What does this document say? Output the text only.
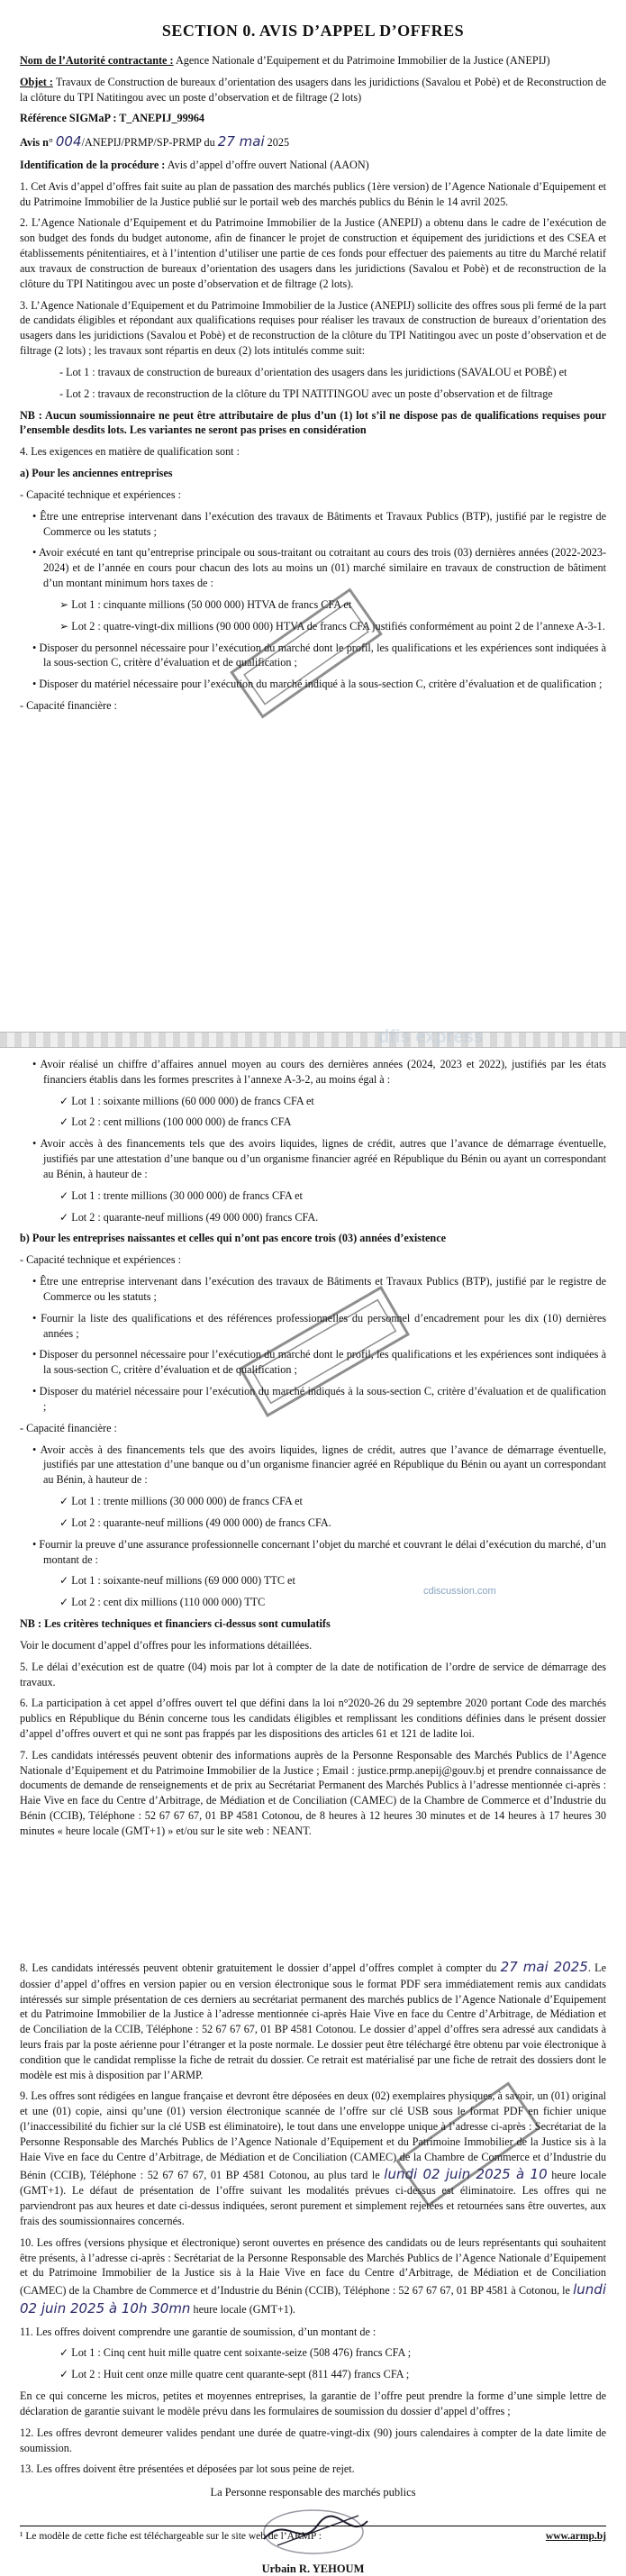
SECTION 0. AVIS D’APPEL D’OFFRES

Nom de l’Autorité contractante : Agence Nationale d’Equipement et du Patrimoine Immobilier de la Justice (ANEPIJ)

Objet : Travaux de Construction de bureaux d’orientation des usagers dans les juridictions (Savalou et Pobè) et de Reconstruction de la clôture du TPI Natitingou avec un poste d’observation et de filtrage (2 lots)

Référence SIGMaP : T_ANEPIJ_99964

Avis n° 004/ANEPIJ/PRMP/SP-PRMP du 27 mai 2025

Identification de la procédure : Avis d’appel d’offre ouvert National (AAON)

1. Cet Avis d’appel d’offres fait suite au plan de passation des marchés publics (1ère version) de l’Agence Nationale d’Equipement et du Patrimoine Immobilier de la Justice publié sur le portail web des marchés publics du Bénin le 14 avril 2025.

2. L’Agence Nationale d’Equipement et du Patrimoine Immobilier de la Justice (ANEPIJ) a obtenu dans le cadre de l’exécution de son budget des fonds du budget autonome, afin de financer le projet de construction et équipement des juridictions et des CSEA et établissements pénitentiaires, et à l’intention d’utiliser une partie de ces fonds pour effectuer des paiements au titre du Marché relatif aux travaux de construction de bureaux d’orientation des usagers dans les juridictions (Savalou et Pobè) et de reconstruction de la clôture du TPI Natitingou avec un poste d’observation et de filtrage (2 lots).

3. L’Agence Nationale d’Equipement et du Patrimoine Immobilier de la Justice (ANEPIJ) sollicite des offres sous pli fermé de la part de candidats éligibles et répondant aux qualifications requises pour réaliser les travaux de construction de bureaux d’orientation des usagers dans les juridictions (Savalou et Pobè) et de reconstruction de la clôture du TPI Natitingou avec un poste d’observation et de filtrage (2 lots) ; les travaux sont répartis en deux (2) lots intitulés comme suit:

- Lot 1 : travaux de construction de bureaux d’orientation des usagers dans les juridictions (SAVALOU et POBÈ) et

- Lot 2 : travaux de reconstruction de la clôture du TPI NATITINGOU avec un poste d’observation et de filtrage

NB : Aucun soumissionnaire ne peut être attributaire de plus d’un (1) lot s’il ne dispose pas de qualifications requises pour l’ensemble desdits lots. Les variantes ne seront pas prises en considération

4. Les exigences en matière de qualification sont :

a) Pour les anciennes entreprises

- Capacité technique et expériences :

• Être une entreprise intervenant dans l’exécution des travaux de Bâtiments et Travaux Publics (BTP), justifié par le registre de Commerce ou les statuts ;

• Avoir exécuté en tant qu’entreprise principale ou sous-traitant ou cotraitant au cours des trois (03) dernières années (2022-2023-2024) et de l’année en cours pour chacun des lots au moins un (01) marché similaire en travaux de construction de bâtiment d’un montant minimum hors taxes de :

➢ Lot 1 : cinquante millions (50 000 000) HTVA de francs CFA et

➢ Lot 2 : quatre-vingt-dix millions (90 000 000) HTVA de francs CFA justifiés conformément au point 2 de l’annexe A-3-1.

• Disposer du personnel nécessaire pour l’exécution du marché dont le profil, les qualifications et les expériences sont indiquées à la sous-section C, critère d’évaluation et de qualification ;

• Disposer du matériel nécessaire pour l’exécution du marché indiqué à la sous-section C, critère d’évaluation et de qualification ;

- Capacité financière :

• Avoir réalisé un chiffre d’affaires annuel moyen au cours des dernières années (2024, 2023 et 2022), justifiés par les états financiers établis dans les formes prescrites à l’annexe A-3-2, au moins égal à :

✓ Lot 1 : soixante millions (60 000 000) de francs CFA et

✓ Lot 2 : cent millions (100 000 000) de francs CFA

• Avoir accès à des financements tels que des avoirs liquides, lignes de crédit, autres que l’avance de démarrage éventuelle, justifiés par une attestation d’une banque ou d’un organisme financier agréé en République du Bénin ou ayant un correspondant au Bénin, à hauteur de :

✓ Lot 1 : trente millions (30 000 000) de francs CFA et

✓ Lot 2 : quarante-neuf millions (49 000 000) francs CFA.

b) Pour les entreprises naissantes et celles qui n’ont pas encore trois (03) années d’existence

- Capacité technique et expériences :

• Être une entreprise intervenant dans l’exécution des travaux de Bâtiments et Travaux Publics (BTP), justifié par le registre de Commerce ou les statuts ;

• Fournir la liste des qualifications et des références professionnelles du personnel d’encadrement pour les dix (10) dernières années ;

• Disposer du personnel nécessaire pour l’exécution du marché dont le profil, les qualifications et les expériences sont indiquées à la sous-section C, critère d’évaluation et de qualification ;

• Disposer du matériel nécessaire pour l’exécution du marché indiqués à la sous-section C, critère d’évaluation et de qualification ;

- Capacité financière :

• Avoir accès à des financements tels que des avoirs liquides, lignes de crédit, autres que l’avance de démarrage éventuelle, justifiés par une attestation d’une banque ou d’un organisme financier agréé en République du Bénin ou ayant un correspondant au Bénin, à hauteur de :

✓ Lot 1 : trente millions (30 000 000) de francs CFA et

✓ Lot 2 : quarante-neuf millions (49 000 000) de francs CFA.

• Fournir la preuve d’une assurance professionnelle concernant l’objet du marché et couvrant le délai d’exécution du marché, d’un montant de :

✓ Lot 1 : soixante-neuf millions (69 000 000) TTC et

✓ Lot 2 : cent dix millions (110 000 000) TTC

NB : Les critères techniques et financiers ci-dessus sont cumulatifs

Voir le document d’appel d’offres pour les informations détaillées.

5. Le délai d’exécution est de quatre (04) mois par lot à compter de la date de notification de l’ordre de service de démarrage des travaux.

6. La participation à cet appel d’offres ouvert tel que défini dans la loi n°2020-26 du 29 septembre 2020 portant Code des marchés publics en République du Bénin concerne tous les candidats éligibles et remplissant les conditions définies dans le présent dossier d’appel d’offres ouvert et qui ne sont pas frappés par les dispositions des articles 61 et 121 de ladite loi.

7. Les candidats intéressés peuvent obtenir des informations auprès de la Personne Responsable des Marchés Publics de l’Agence Nationale d’Equipement et du Patrimoine Immobilier de la Justice ; Email : justice.prmp.anepij@gouv.bj et prendre connaissance de documents de demande de renseignements et de prix au Secrétariat Permanent des Marchés Publics à l’adresse mentionnée ci-après : Haie Vive en face du Centre d’Arbitrage, de Médiation et de Conciliation (CAMEC) de la Chambre de Commerce et d’Industrie du Bénin (CCIB), Téléphone : 52 67 67 67, 01 BP 4581 Cotonou, de 8 heures à 12 heures 30 minutes et de 14 heures à 17 heures 30 minutes « heure locale (GMT+1) » et/ou sur le site web : NEANT.

8. Les candidats intéressés peuvent obtenir gratuitement le dossier d’appel d’offres complet à compter du 27 mai 2025. Le dossier d’appel d’offres en version papier ou en version électronique sous le format PDF sera immédiatement remis aux candidats intéressés sur simple présentation de ces derniers au secrétariat permanent des marchés publics de l’Agence Nationale d’Equipement et du Patrimoine Immobilier de la Justice à l’adresse mentionnée ci-après Haie Vive en face du Centre d’Arbitrage, de Médiation et de Conciliation de la CCIB, Téléphone : 52 67 67 67, 01 BP 4581 Cotonou. Le dossier d’appel d’offres sera adressé aux candidats à leurs frais par la poste aérienne pour l’étranger et la poste normale. Le dossier peut être téléchargé être obtenu par voie électronique à condition que le candidat remplisse la fiche de retrait du dossier. Ce retrait est matérialisé par une fiche de retrait des dossiers dont le modèle est mis à disposition par l’ARMP.

9. Les offres sont rédigées en langue française et devront être déposées en deux (02) exemplaires physiques, à savoir, un (01) original et une (01) copie, ainsi qu’une (01) version électronique scannée de l’offre sur clé USB sous le format PDF en fichier unique (l’inaccessibilité du fichier sur la clé USB est éliminatoire), le tout dans une enveloppe unique à l’adresse ci-après : Secrétariat de la Personne Responsable des Marchés Publics de l’Agence Nationale d’Equipement et du Patrimoine Immobilier de la Justice sis à la Haie Vive en face du Centre d’Arbitrage, de Médiation et de Conciliation (CAMEC) de la Chambre de Commerce et d’Industrie du Bénin (CCIB), Téléphone : 52 67 67 67, 01 BP 4581 Cotonou, au plus tard le lundi 02 juin 2025 à 10 heure locale (GMT+1). Le défaut de présentation de l’offre suivant les modalités prévues ci-dessus est éliminatoire. Les offres qui ne parviendront pas aux heures et date ci-dessus indiquées, seront purement et simplement rejetées et retournées sans être ouvertes, aux frais des soumissionnaires concernés.

10. Les offres (versions physique et électronique) seront ouvertes en présence des candidats ou de leurs représentants qui souhaitent être présents, à l’adresse ci-après : Secrétariat de la Personne Responsable des Marchés Publics de l’Agence Nationale d’Equipement et du Patrimoine Immobilier de la Justice sis à la Haie Vive en face du Centre d’Arbitrage, de Médiation et de Conciliation (CAMEC) de la Chambre de Commerce et d’Industrie du Bénin (CCIB), Téléphone : 52 67 67 67, 01 BP 4581 à Cotonou, le lundi 02 juin 2025 à 10h 30mn heure locale (GMT+1).

11. Les offres doivent comprendre une garantie de soumission, d’un montant de :

✓ Lot 1 : Cinq cent huit mille quatre cent soixante-seize (508 476) francs CFA ;

✓ Lot 2 : Huit cent onze mille quatre cent quarante-sept (811 447) francs CFA ;

En ce qui concerne les micros, petites et moyennes entreprises, la garantie de l’offre peut prendre la forme d’une simple lettre de déclaration de garantie suivant le modèle prévu dans les formulaires de soumission du dossier d’appel d’offres ;

12. Les offres devront demeurer valides pendant une durée de quatre-vingt-dix (90) jours calendaires à compter de la date limite de soumission.

13. Les offres doivent être présentées et déposées par lot sous peine de rejet.

La Personne responsable des marchés publics
Urbain R. YEHOUM
¹ Le modèle de cette fiche est téléchargeable sur le site web de l’ARMP :	www.armp.bj
cdiscussion.com
dfis express
